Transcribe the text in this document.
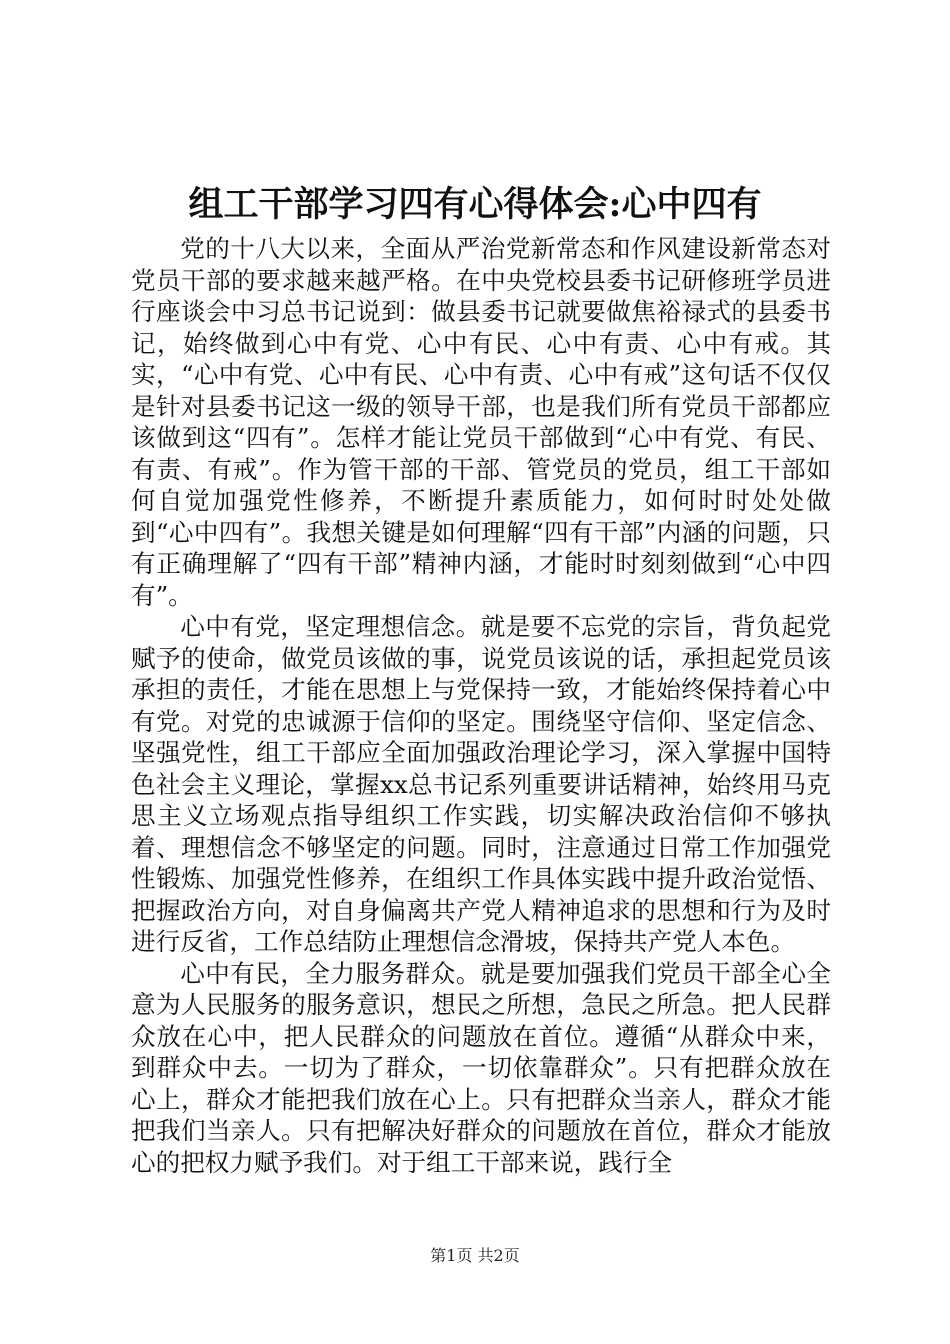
组工干部学习四有心得体会:心中四有

党的十八大以来，全面从严治党新常态和作风建设新常态对党员干部的要求越来越严格。在中央党校县委书记研修班学员进行座谈会中习总书记说到：做县委书记就要做焦裕禄式的县委书记，始终做到心中有党、心中有民、心中有责、心中有戒。其实，“心中有党、心中有民、心中有责、心中有戒”这句话不仅仅是针对县委书记这一级的领导干部，也是我们所有党员干部都应该做到这“四有”。怎样才能让党员干部做到“心中有党、有民、有责、有戒”。作为管干部的干部、管党员的党员，组工干部如何自觉加强党性修养，不断提升素质能力，如何时时处处做到“心中四有”。我想关键是如何理解“四有干部”内涵的问题，只有正确理解了“四有干部”精神内涵，才能时时刻刻做到“心中四有”。

心中有党，坚定理想信念。就是要不忘党的宗旨，背负起党赋予的使命，做党员该做的事，说党员该说的话，承担起党员该承担的责任，才能在思想上与党保持一致，才能始终保持着心中有党。对党的忠诚源于信仰的坚定。围绕坚守信仰、坚定信念、坚强党性，组工干部应全面加强政治理论学习，深入掌握中国特色社会主义理论，掌握xx总书记系列重要讲话精神，始终用马克思主义立场观点指导组织工作实践，切实解决政治信仰不够执着、理想信念不够坚定的问题。同时，注意通过日常工作加强党性锻炼、加强党性修养，在组织工作具体实践中提升政治觉悟、把握政治方向，对自身偏离共产党人精神追求的思想和行为及时进行反省，工作总结防止理想信念滑坡，保持共产党人本色。

心中有民，全力服务群众。就是要加强我们党员干部全心全意为人民服务的服务意识，想民之所想，急民之所急。把人民群众放在心中，把人民群众的问题放在首位。遵循“从群众中来，到群众中去。一切为了群众，一切依靠群众”。只有把群众放在心上，群众才能把我们放在心上。只有把群众当亲人，群众才能把我们当亲人。只有把解决好群众的问题放在首位，群众才能放心的把权力赋予我们。对于组工干部来说，践行全

第1页 共2页
